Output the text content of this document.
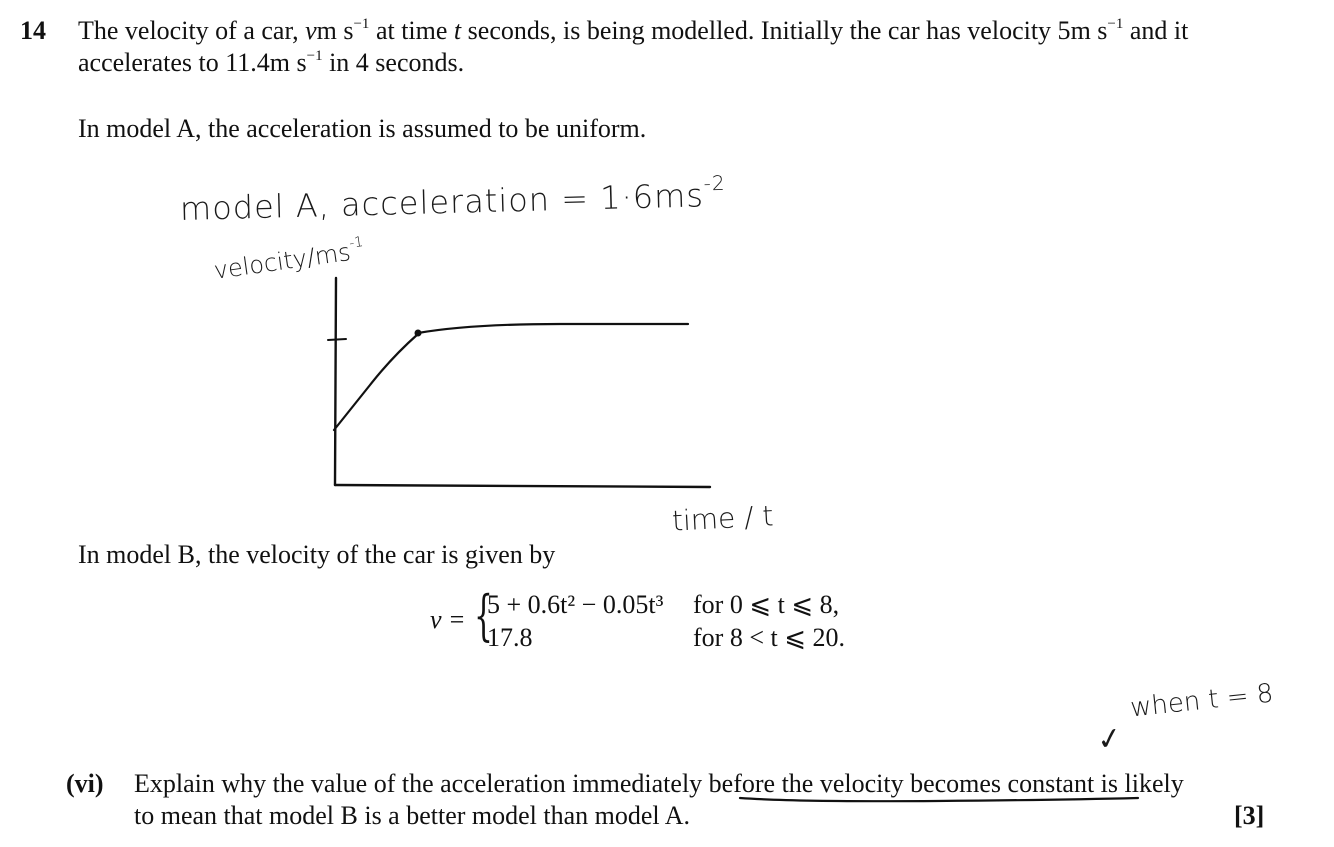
14 The velocity of a car, vm $s^{-1}$ at time t seconds, is being modelled. Initially the car has velocity 5m $s^{-1}$ and it
accelerates to 11.4m $s^{-1}$ in 4 seconds.
In model A, the acceleration is assumed to be uniform.
model A, acceleration = $1\cdot 6ms^{-2}$
velocity/$ms^{-1}$
time / t
In model B, the velocity of the car is given by
v = {
5 + 0.6t² − 0.05t³ for 0 ⩽ t ⩽ 8,
17.8	for 8 < t ⩽ 20.
when t = 8
✓
(vi) Explain why the value of the acceleration immediately before the velocity becomes constant is likely
to mean that model B is a better model than model A.	[3]
